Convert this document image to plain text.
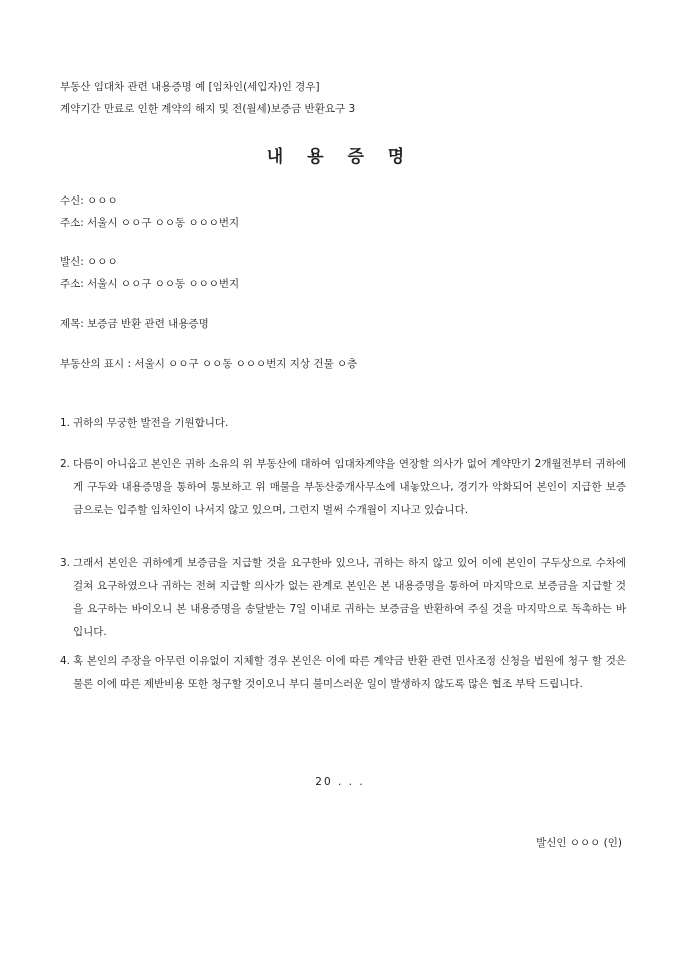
부동산 임대차 관련 내용증명 예 [임차인(세입자)인 경우]
계약기간 만료로 인한 계약의 해지 및 전(월세)보증금 반환요구 3
내 용 증 명
수신: ㅇㅇㅇ
주소: 서울시 ㅇㅇ구 ㅇㅇ동 ㅇㅇㅇ번지
발신: ㅇㅇㅇ
주소: 서울시 ㅇㅇ구 ㅇㅇ동 ㅇㅇㅇ번지
제목: 보증금 반환 관련 내용증명
부동산의 표시 : 서울시 ㅇㅇ구 ㅇㅇ동 ㅇㅇㅇ번지 지상 건물 ㅇ층
1. 귀하의 무궁한 발전을 기원합니다.
2. 다름이 아니옵고 본인은 귀하 소유의 위 부동산에 대하여 임대차계약을 연장할 의사가 없어 계약만기 2개월전부터 귀하에게 구두와 내용증명을 통하여 통보하고 위 매물을 부동산중개사무소에 내놓았으나, 경기가 악화되어 본인이 지급한 보증금으로는 입주할 임차인이 나서지 않고 있으며, 그런지 벌써 수개월이 지나고 있습니다.
3. 그래서 본인은 귀하에게 보증금을 지급할 것을 요구한바 있으나, 귀하는 하지 않고 있어 이에 본인이 구두상으로 수차에 걸쳐 요구하였으나 귀하는 전혀 지급할 의사가 없는 관계로 본인은 본 내용증명을 통하여 마지막으로 보증금을 지급할 것을 요구하는 바이오니 본 내용증명을 송달받는 7일 이내로 귀하는 보증금을 반환하여 주실 것을 마지막으로 독촉하는 바입니다.
4. 혹 본인의 주장을 아무런 이유없이 지체할 경우 본인은 이에 따른 계약금 반환 관련 민사조정 신청을 법원에 청구 할 것은 물론 이에 따른 제반비용 또한 청구할 것이오니 부디 불미스러운 일이 발생하지 않도록 많은 협조 부탁 드립니다.
20 . . .
발신인 ㅇㅇㅇ (인)
